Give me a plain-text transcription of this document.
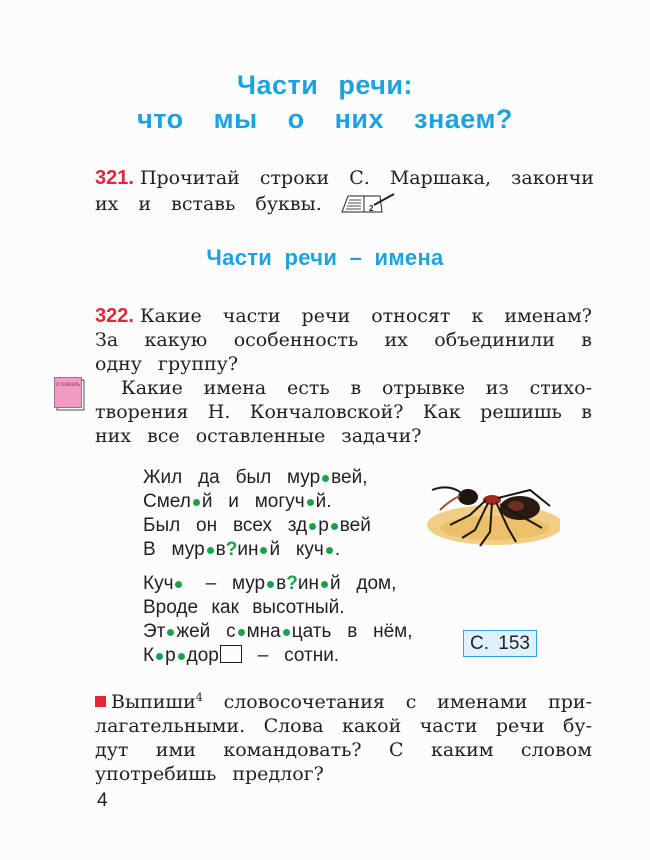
Части речи:
что мы о них знаем?
321. Прочитай строки С. Маршака, закончи
их и вставь буквы.	2
Части речи – имена
322. Какие части речи относят к именам?
За какую особенность их объединили в
одну группу?
Какие имена есть в отрывке из стихо-
творения Н. Кончаловской? Как решишь в
них все оставленные задачи?
СЛОВАРЬ
Жил   да   был   мур вей,
Смел й   и   могуч й.
Был   он   всех   зд р вей
В   мур в?ин й   куч .
Куч    –   мур в?ин й   дом,
Вроде как высотный.
Эт жей   с мна цать   в   нём,
К р дор   –   сотни.
С. 153
Выпиши$^4$ словосочетания с именами при-
лагательными. Слова какой части речи бу-
дут ими командовать? С каким словом
употребишь предлог?
4
